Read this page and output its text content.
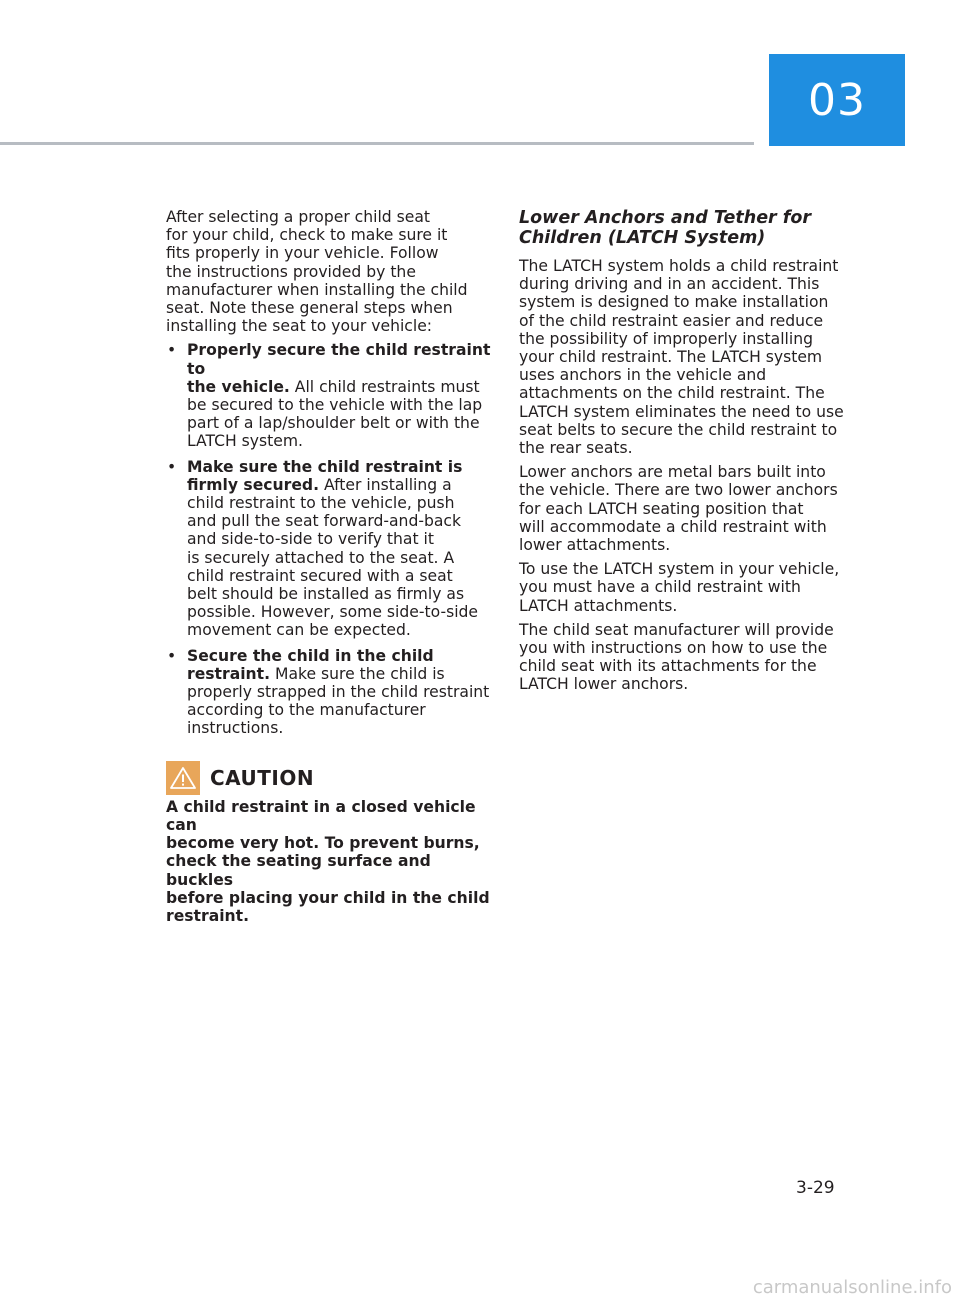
03

After selecting a proper child seat
for your child, check to make sure it
fits properly in your vehicle. Follow
the instructions provided by the
manufacturer when installing the child
seat. Note these general steps when
installing the seat to your vehicle:

• Properly secure the child restraint to
the vehicle. All child restraints must
be secured to the vehicle with the lap
part of a lap/shoulder belt or with the
LATCH system.
• Make sure the child restraint is
firmly secured. After installing a
child restraint to the vehicle, push
and pull the seat forward-and-back
and side-to-side to verify that it
is securely attached to the seat. A
child restraint secured with a seat
belt should be installed as firmly as
possible. However, some side-to-side
movement can be expected.
• Secure the child in the child
restraint. Make sure the child is
properly strapped in the child restraint
according to the manufacturer
instructions.
CAUTION

A child restraint in a closed vehicle can
become very hot. To prevent burns,
check the seating surface and buckles
before placing your child in the child
restraint.

Lower Anchors and Tether for
Children (LATCH System)

The LATCH system holds a child restraint
during driving and in an accident. This
system is designed to make installation
of the child restraint easier and reduce
the possibility of improperly installing
your child restraint. The LATCH system
uses anchors in the vehicle and
attachments on the child restraint. The
LATCH system eliminates the need to use
seat belts to secure the child restraint to
the rear seats.

Lower anchors are metal bars built into
the vehicle. There are two lower anchors
for each LATCH seating position that
will accommodate a child restraint with
lower attachments.

To use the LATCH system in your vehicle,
you must have a child restraint with
LATCH attachments.

The child seat manufacturer will provide
you with instructions on how to use the
child seat with its attachments for the
LATCH lower anchors.

3-29
carmanualsonline.info
